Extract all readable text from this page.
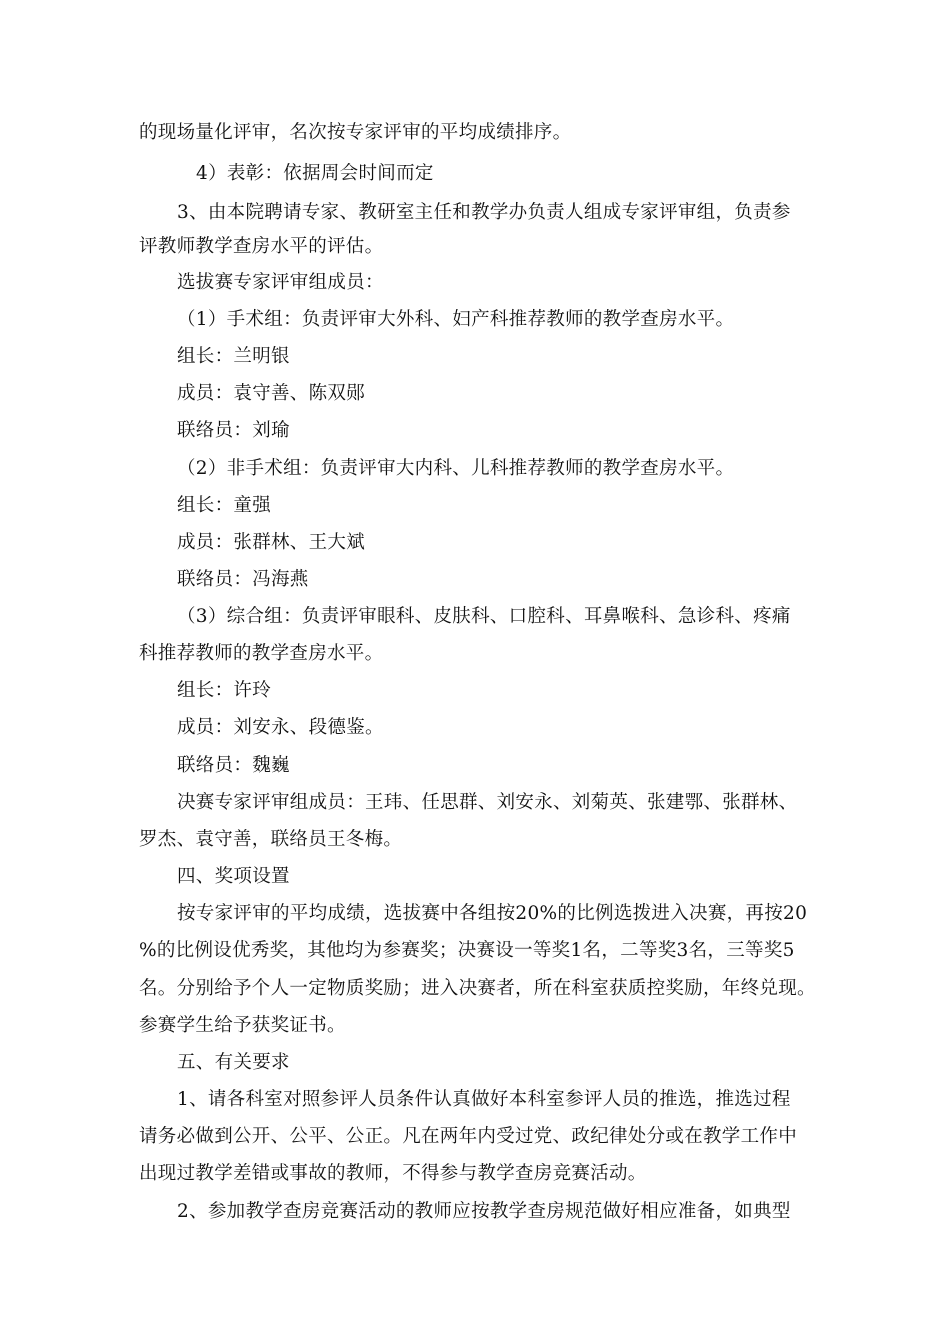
的现场量化评审，名次按专家评审的平均成绩排序。
4）表彰：依据周会时间而定
3、由本院聘请专家、教研室主任和教学办负责人组成专家评审组，负责参
评教师教学查房水平的评估。
选拔赛专家评审组成员：
（1）手术组：负责评审大外科、妇产科推荐教师的教学查房水平。
组长：兰明银
成员：袁守善、陈双郧
联络员：刘瑜
（2）非手术组：负责评审大内科、儿科推荐教师的教学查房水平。
组长：童强
成员：张群林、王大斌
联络员：冯海燕
（3）综合组：负责评审眼科、皮肤科、口腔科、耳鼻喉科、急诊科、疼痛
科推荐教师的教学查房水平。
组长：许玲
成员：刘安永、段德鉴。
联络员：魏巍
决赛专家评审组成员：王玮、任思群、刘安永、刘菊英、张建鄂、张群林、
罗杰、袁守善，联络员王冬梅。
四、奖项设置
按专家评审的平均成绩，选拔赛中各组按20%的比例选拨进入决赛，再按20
%的比例设优秀奖，其他均为参赛奖；决赛设一等奖1名，二等奖3名，三等奖5
名。分别给予个人一定物质奖励；进入决赛者，所在科室获质控奖励，年终兑现。
参赛学生给予获奖证书。
五、有关要求
1、请各科室对照参评人员条件认真做好本科室参评人员的推选，推选过程
请务必做到公开、公平、公正。凡在两年内受过党、政纪律处分或在教学工作中
出现过教学差错或事故的教师，不得参与教学查房竞赛活动。
2、参加教学查房竞赛活动的教师应按教学查房规范做好相应准备，如典型
